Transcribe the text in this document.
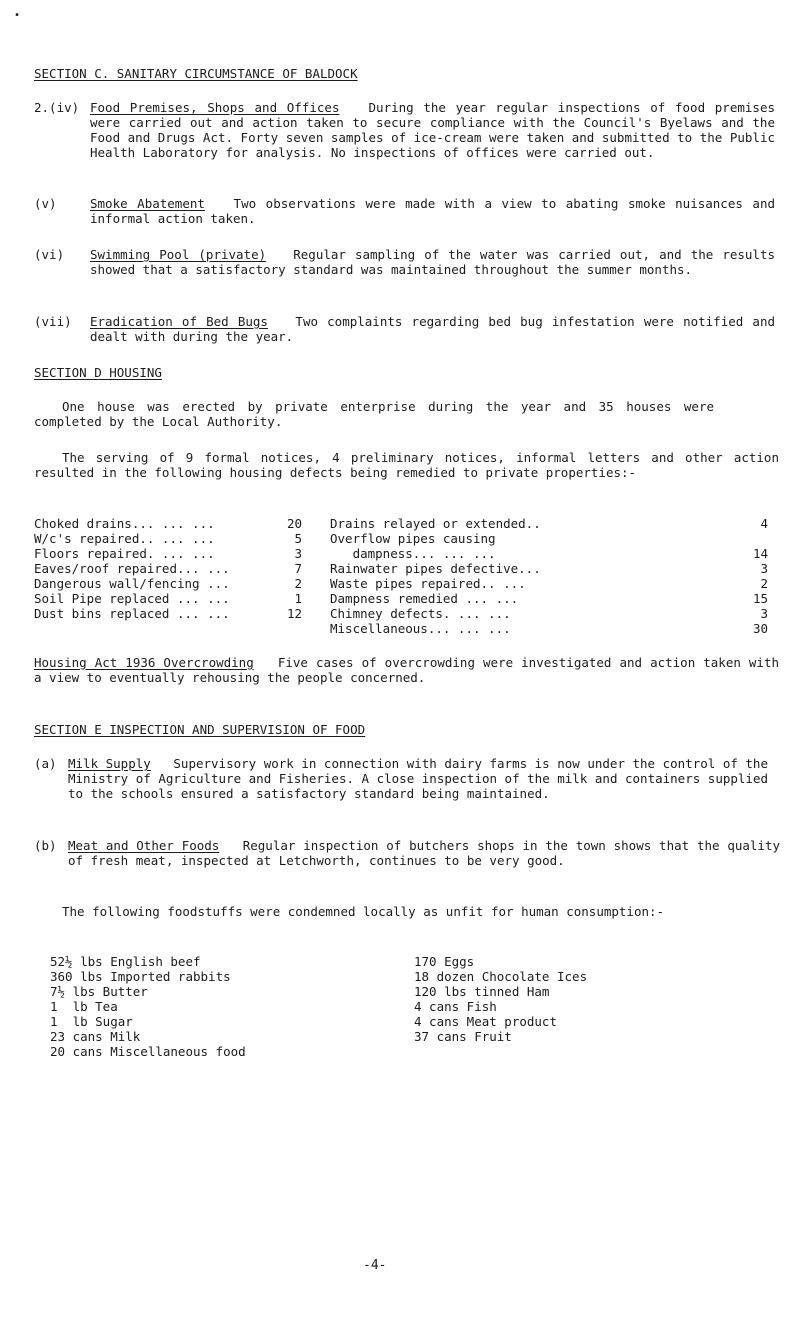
•
SECTION C. SANITARY CIRCUMSTANCE OF BALDOCK
2.(iv) Food Premises, Shops and Offices During the year regular inspections of food premises were carried out and action taken to secure compliance with the Council's Byelaws and the Food and Drugs Act. Forty seven samples of ice-cream were taken and submitted to the Public Health Laboratory for analysis. No inspections of offices were carried out.
(v)	Smoke Abatement Two observations were made with a view to abating smoke nuisances and informal action taken.
(vi) Swimming Pool (private) Regular sampling of the water was carried out, and the results showed that a satisfactory standard was maintained throughout the summer months.
(vii) Eradication of Bed Bugs Two complaints regarding bed bug infestation were notified and dealt with during the year.
SECTION D HOUSING
One house was erected by private enterprise during the year and 35 houses were completed by the Local Authority.
The serving of 9 formal notices, 4 preliminary notices, informal letters and other action resulted in the following housing defects being remedied to private properties:-
Choked drains... ... ...	20
W/c's repaired.. ... ...	5
Floors repaired. ... ...	3
Eaves/roof repaired... ...	7
Dangerous wall/fencing ...	2
Soil Pipe replaced ... ...	1
Dust bins replaced ... ...	12
Drains relayed or extended..	4
Overflow pipes causing
dampness... ... ...	14
Rainwater pipes defective...	3
Waste pipes repaired.. ...	2
Dampness remedied ... ...	15
Chimney defects. ... ...	3
Miscellaneous... ... ...	30
Housing Act 1936 Overcrowding Five cases of overcrowding were investigated and action taken with a view to eventually rehousing the people concerned.
SECTION E INSPECTION AND SUPERVISION OF FOOD
(a) Milk Supply Supervisory work in connection with dairy farms is now under the control of the Ministry of Agriculture and Fisheries. A close inspection of the milk and containers supplied to the schools ensured a satisfactory standard being maintained.
(b) Meat and Other Foods Regular inspection of butchers shops in the town shows that the quality of fresh meat, inspected at Letchworth, continues to be very good.
The following foodstuffs were condemned locally as unfit for human consumption:-
52½ lbs English beef
360 lbs Imported rabbits
7½ lbs Butter
1  lb Tea
1  lb Sugar
23 cans Milk
20 cans Miscellaneous food
170 Eggs
18 dozen Chocolate Ices
120 lbs tinned Ham
4 cans Fish
4 cans Meat product
37 cans Fruit
-4-
